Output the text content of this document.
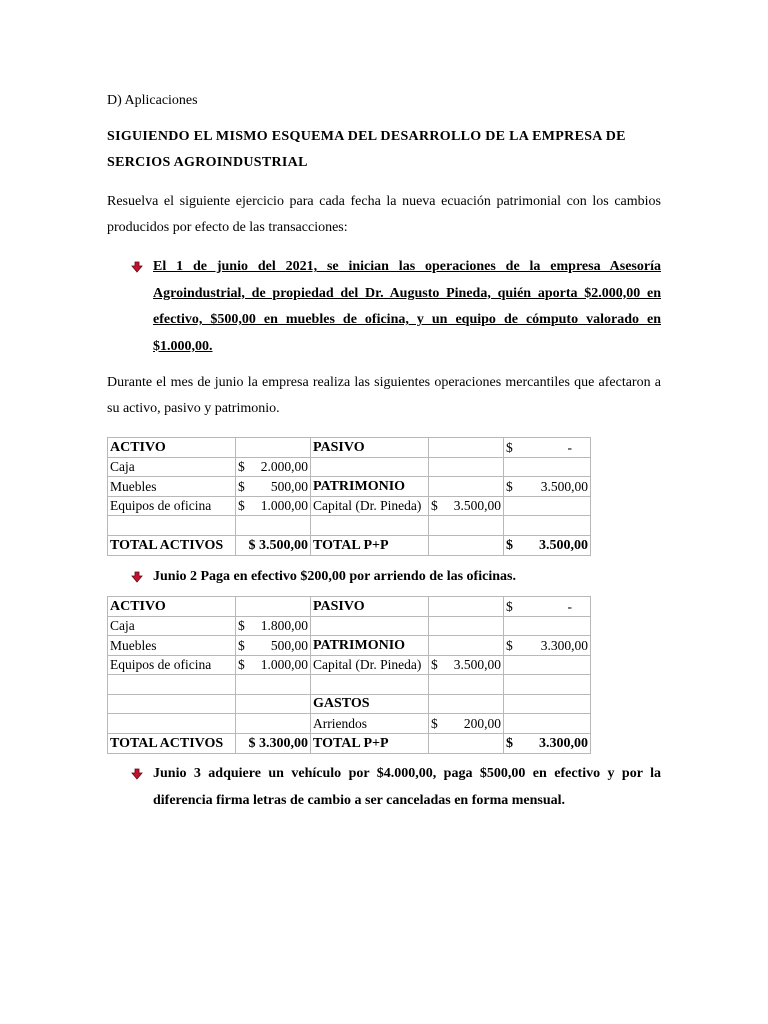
D) Aplicaciones
SIGUIENDO EL MISMO ESQUEMA DEL DESARROLLO DE LA EMPRESA DE
SERCIOS AGROINDUSTRIAL
Resuelva el siguiente ejercicio para cada fecha la nueva ecuación patrimonial con los cambios producidos por efecto de las transacciones:
El 1 de junio del 2021, se inician las operaciones de la empresa Asesoría Agroindustrial, de propiedad del Dr. Augusto Pineda, quién aporta $2.000,00 en efectivo, $500,00 en muebles de oficina, y un equipo de cómputo valorado en $1.000,00.
Durante el mes de junio la empresa realiza las siguientes operaciones mercantiles que afectaron a su activo, pasivo y patrimonio.
ACTIVO		PASIVO		$ -

Caja	$ 2.000,00			

Muebles	$ 500,00	PATRIMONIO		$ 3.500,00

Equipos de oficina	$ 1.000,00	Capital (Dr. Pineda)	$ 3.500,00	

TOTAL ACTIVOS	$ 3.500,00	TOTAL P+P		$ 3.500,00
Junio 2 Paga en efectivo $200,00 por arriendo de las oficinas.
ACTIVO		PASIVO		$ -

Caja	$ 1.800,00			

Muebles	$ 500,00	PATRIMONIO		$ 3.300,00

Equipos de oficina	$ 1.000,00	Capital (Dr. Pineda)	$ 3.500,00	

		GASTOS		
		Arriendos	$ 200,00	

TOTAL ACTIVOS	$ 3.300,00	TOTAL P+P		$ 3.300,00
Junio 3 adquiere un vehículo por $4.000,00, paga $500,00 en efectivo y por la diferencia firma letras de cambio a ser canceladas en forma mensual.
